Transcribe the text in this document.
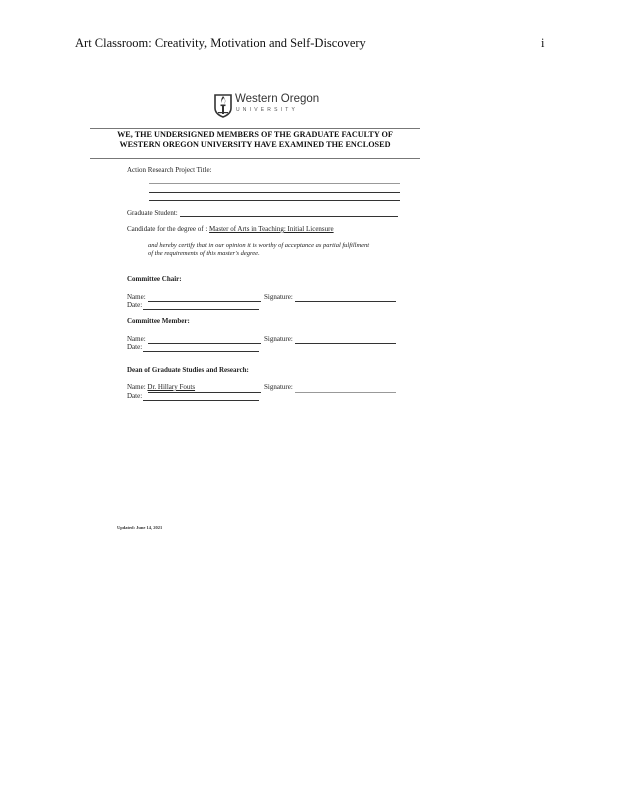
Art Classroom: Creativity, Motivation and Self-Discovery	i
Western Oregon
UNIVERSITY
WE, THE UNDERSIGNED MEMBERS OF THE GRADUATE FACULTY OF
WESTERN OREGON UNIVERSITY HAVE EXAMINED THE ENCLOSED
Action Research Project Title:
Graduate Student:
Candidate for the degree of : Master of Arts in Teaching: Initial Licensure
and hereby certify that in our opinion it is worthy of acceptance as partial fulfillment
of the requirements of this master's degree.
Committee Chair:
Name:	Signature:
Date:
Committee Member:
Name:	Signature:
Date:
Dean of Graduate Studies and Research:
Name: Dr. Hillary Fouts	Signature:
Date:
Updated: June 14, 2021
